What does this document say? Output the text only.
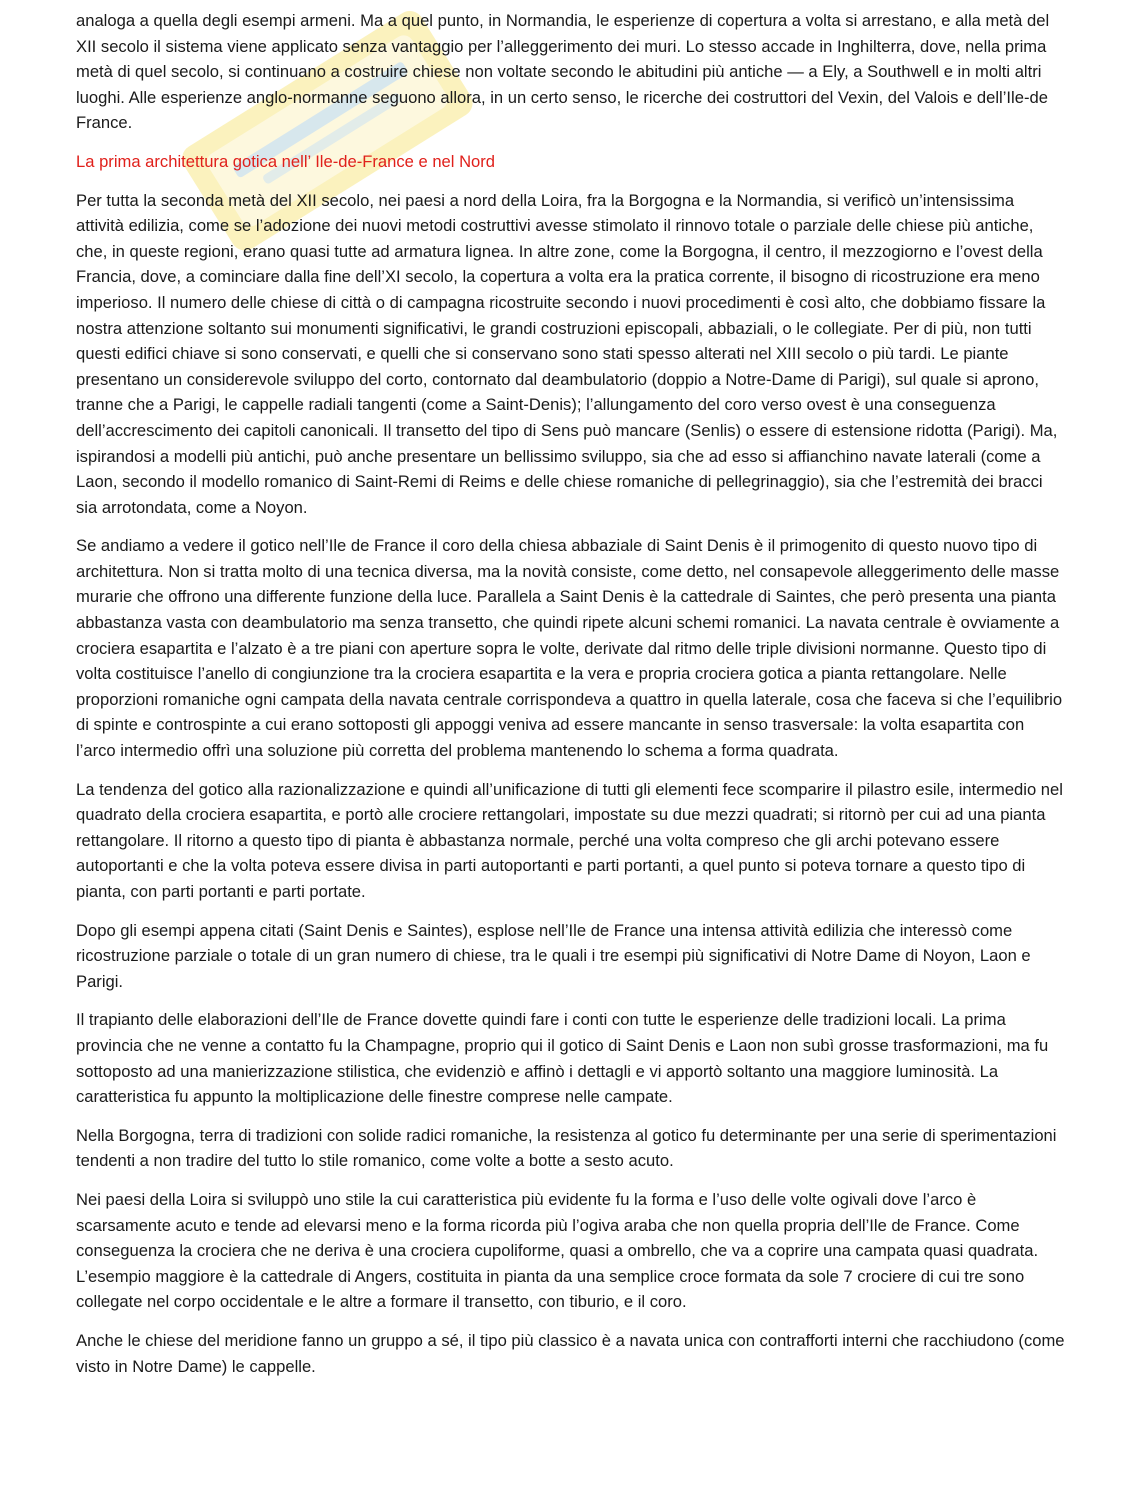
analoga a quella degli esempi armeni. Ma a quel punto, in Normandia, le esperienze di copertura a volta si arrestano, e alla metà del XII secolo il sistema viene applicato senza vantaggio per l’alleggerimento dei muri. Lo stesso accade in Inghilterra, dove, nella prima metà di quel secolo, si continuano a costruire chiese non voltate secondo le abitudini più antiche — a Ely, a Southwell e in molti altri luoghi. Alle esperienze anglo-normanne seguono allora, in un certo senso, le ricerche dei costruttori del Vexin, del Valois e dell’Ile-de France.

La prima architettura gotica nell’ Ile-de-France e nel Nord

Per tutta la seconda metà del XII secolo, nei paesi a nord della Loira, fra la Borgogna e la Normandia, si verificò un’intensissima attività edilizia, come se l’adozione dei nuovi metodi costruttivi avesse stimolato il rinnovo totale o parziale delle chiese più antiche, che, in queste regioni, erano quasi tutte ad armatura lignea. In altre zone, come la Borgogna, il centro, il mezzogiorno e l’ovest della Francia, dove, a cominciare dalla fine dell’XI secolo, la copertura a volta era la pratica corrente, il bisogno di ricostruzione era meno imperioso. Il numero delle chiese di città o di campagna ricostruite secondo i nuovi procedimenti è così alto, che dobbiamo fissare la nostra attenzione soltanto sui monumenti significativi, le grandi costruzioni episcopali, abbaziali, o le collegiate. Per di più, non tutti questi edifici chiave si sono conservati, e quelli che si conservano sono stati spesso alterati nel XIII secolo o più tardi. Le piante presentano un considerevole sviluppo del corto, contornato dal deambulatorio (doppio a Notre-Dame di Parigi), sul quale si aprono, tranne che a Parigi, le cappelle radiali tangenti (come a Saint-Denis); l’allungamento del coro verso ovest è una conseguenza dell’accrescimento dei capitoli canonicali. Il transetto del tipo di Sens può mancare (Senlis) o essere di estensione ridotta (Parigi). Ma, ispirandosi a modelli più antichi, può anche presentare un bellissimo sviluppo, sia che ad esso si affianchino navate laterali (come a Laon, secondo il modello romanico di Saint-Remi di Reims e delle chiese romaniche di pellegrinaggio), sia che l’estremità dei bracci sia arrotondata, come a Noyon.

Se andiamo a vedere il gotico nell’Ile de France il coro della chiesa abbaziale di Saint Denis è il primogenito di questo nuovo tipo di architettura. Non si tratta molto di una tecnica diversa, ma la novità consiste, come detto, nel consapevole alleggerimento delle masse murarie che offrono una differente funzione della luce. Parallela a Saint Denis è la cattedrale di Saintes, che però presenta una pianta abbastanza vasta con deambulatorio ma senza transetto, che quindi ripete alcuni schemi romanici. La navata centrale è ovviamente a crociera esapartita e l’alzato è a tre piani con aperture sopra le volte, derivate dal ritmo delle triple divisioni normanne. Questo tipo di volta costituisce l’anello di congiunzione tra la crociera esapartita e la vera e propria crociera gotica a pianta rettangolare. Nelle proporzioni romaniche ogni campata della navata centrale corrispondeva a quattro in quella laterale, cosa che faceva si che l’equilibrio di spinte e controspinte a cui erano sottoposti gli appoggi veniva ad essere mancante in senso trasversale: la volta esapartita con l’arco intermedio offrì una soluzione più corretta del problema mantenendo lo schema a forma quadrata.

La tendenza del gotico alla razionalizzazione e quindi all’unificazione di tutti gli elementi fece scomparire il pilastro esile, intermedio nel quadrato della crociera esapartita, e portò alle crociere rettangolari, impostate su due mezzi quadrati; si ritornò per cui ad una pianta rettangolare. Il ritorno a questo tipo di pianta è abbastanza normale, perché una volta compreso che gli archi potevano essere autoportanti e che la volta poteva essere divisa in parti autoportanti e parti portanti, a quel punto si poteva tornare a questo tipo di pianta, con parti portanti e parti portate.

Dopo gli esempi appena citati (Saint Denis e Saintes), esplose nell’Ile de France una intensa attività edilizia che interessò come ricostruzione parziale o totale di un gran numero di chiese, tra le quali i tre esempi più significativi di Notre Dame di Noyon, Laon e Parigi.

Il trapianto delle elaborazioni dell’Ile de France dovette quindi fare i conti con tutte le esperienze delle tradizioni locali. La prima provincia che ne venne a contatto fu la Champagne, proprio qui il gotico di Saint Denis e Laon non subì grosse trasformazioni, ma fu sottoposto ad una manierizzazione stilistica, che evidenziò e affinò i dettagli e vi apportò soltanto una maggiore luminosità. La caratteristica fu appunto la moltiplicazione delle finestre comprese nelle campate.

Nella Borgogna, terra di tradizioni con solide radici romaniche, la resistenza al gotico fu determinante per una serie di sperimentazioni tendenti a non tradire del tutto lo stile romanico, come volte a botte a sesto acuto.

Nei paesi della Loira si sviluppò uno stile la cui caratteristica più evidente fu la forma e l’uso delle volte ogivali dove l’arco è scarsamente acuto e tende ad elevarsi meno e la forma ricorda più l’ogiva araba che non quella propria dell’Ile de France. Come conseguenza la crociera che ne deriva è una crociera cupoliforme, quasi a ombrello, che va a coprire una campata quasi quadrata. L’esempio maggiore è la cattedrale di Angers, costituita in pianta da una semplice croce formata da sole 7 crociere di cui tre sono collegate nel corpo occidentale e le altre a formare il transetto, con tiburio, e il coro.

Anche le chiese del meridione fanno un gruppo a sé, il tipo più classico è a navata unica con contrafforti interni che racchiudono (come visto in Notre Dame) le cappelle.
